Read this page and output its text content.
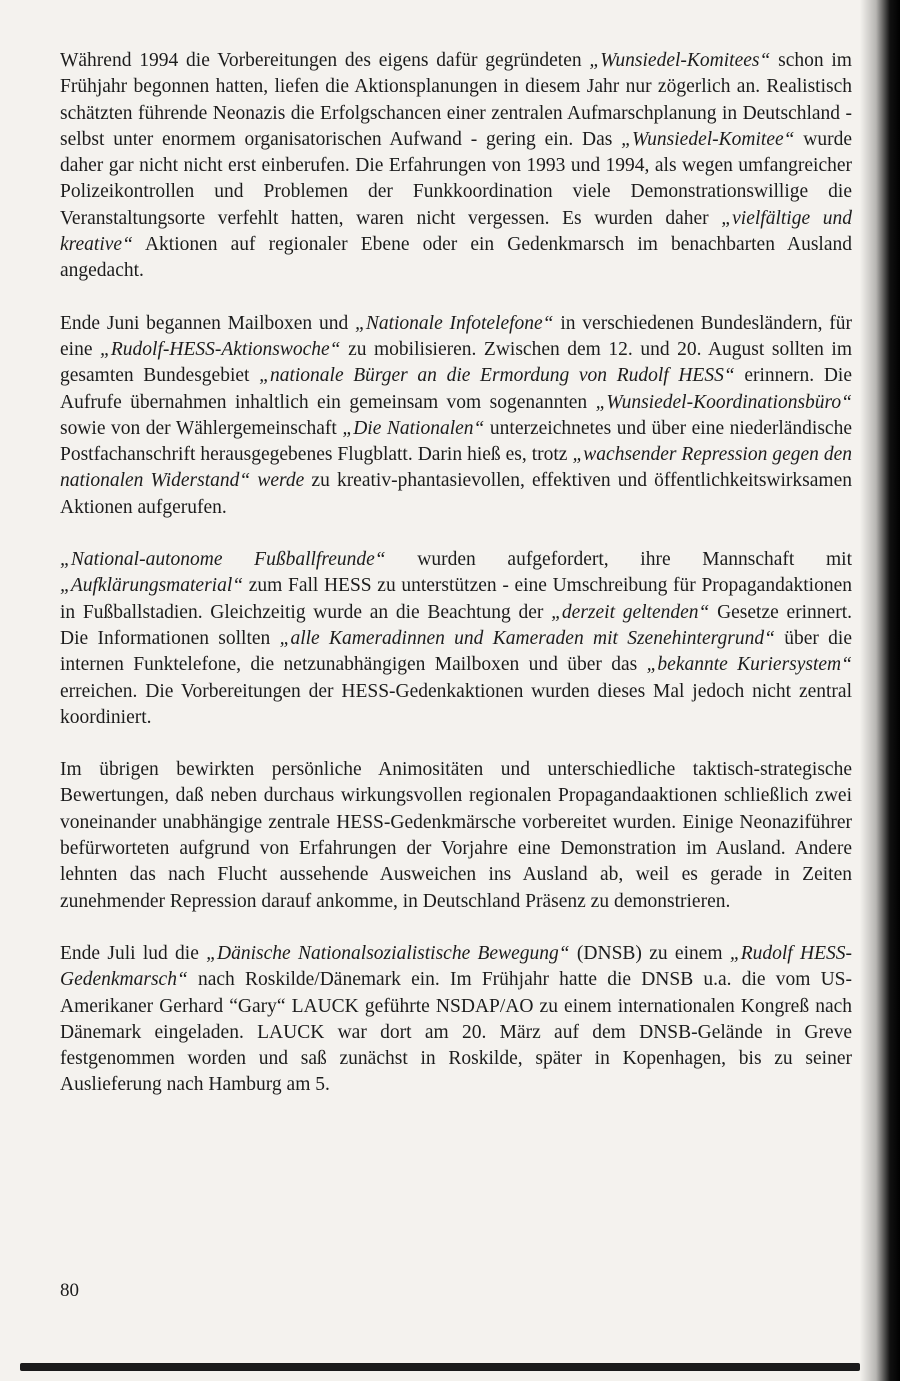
Während 1994 die Vorbereitungen des eigens dafür gegründeten „Wunsiedel-Komitees“ schon im Frühjahr begonnen hatten, liefen die Aktionsplanungen in diesem Jahr nur zögerlich an. Realistisch schätzten führende Neonazis die Erfolgschancen einer zentralen Aufmarschplanung in Deutschland - selbst unter enormem organisatorischen Aufwand - gering ein. Das „Wunsiedel-Komitee“ wurde daher gar nicht nicht erst einberufen. Die Erfahrungen von 1993 und 1994, als wegen umfangreicher Polizeikontrollen und Problemen der Funkkoordination viele Demonstrationswillige die Veranstaltungsorte verfehlt hatten, waren nicht vergessen. Es wurden daher „vielfältige und kreative“ Aktionen auf regionaler Ebene oder ein Gedenkmarsch im benachbarten Ausland angedacht.

Ende Juni begannen Mailboxen und „Nationale Infotelefone“ in verschiedenen Bundesländern, für eine „Rudolf-HESS-Aktionswoche“ zu mobilisieren. Zwischen dem 12. und 20. August sollten im gesamten Bundesgebiet „nationale Bürger an die Ermordung von Rudolf HESS“ erinnern. Die Aufrufe übernahmen inhaltlich ein gemeinsam vom sogenannten „Wunsiedel-Koordinationsbüro“ sowie von der Wählergemeinschaft „Die Nationalen“ unterzeichnetes und über eine niederländische Postfachanschrift herausgegebenes Flugblatt. Darin hieß es, trotz „wachsender Repression gegen den nationalen Widerstand“ werde zu kreativ-phantasievollen, effektiven und öffentlichkeitswirksamen Aktionen aufgerufen.

„National-autonome Fußballfreunde“ wurden aufgefordert, ihre Mannschaft mit „Aufklärungsmaterial“ zum Fall HESS zu unterstützen - eine Umschreibung für Propagandaktionen in Fußballstadien. Gleichzeitig wurde an die Beachtung der „derzeit geltenden“ Gesetze erinnert. Die Informationen sollten „alle Kameradinnen und Kameraden mit Szenehintergrund“ über die internen Funktelefone, die netzunabhängigen Mailboxen und über das „bekannte Kuriersystem“ erreichen. Die Vorbereitungen der HESS-Gedenkaktionen wurden dieses Mal jedoch nicht zentral koordiniert.

Im übrigen bewirkten persönliche Animositäten und unterschiedliche taktisch-strategische Bewertungen, daß neben durchaus wirkungsvollen regionalen Propagandaaktionen schließlich zwei voneinander unabhängige zentrale HESS-Gedenkmärsche vorbereitet wurden. Einige Neonaziführer befürworteten aufgrund von Erfahrungen der Vorjahre eine Demonstration im Ausland. Andere lehnten das nach Flucht aussehende Ausweichen ins Ausland ab, weil es gerade in Zeiten zunehmender Repression darauf ankomme, in Deutschland Präsenz zu demonstrieren.

Ende Juli lud die „Dänische Nationalsozialistische Bewegung“ (DNSB) zu einem „Rudolf HESS-Gedenkmarsch“ nach Roskilde/Dänemark ein. Im Frühjahr hatte die DNSB u.a. die vom US-Amerikaner Gerhard “Gary“ LAUCK geführte NSDAP/AO zu einem internationalen Kongreß nach Dänemark eingeladen. LAUCK war dort am 20. März auf dem DNSB-Gelände in Greve festgenommen worden und saß zunächst in Roskilde, später in Kopenhagen, bis zu seiner Auslieferung nach Hamburg am 5.

80
